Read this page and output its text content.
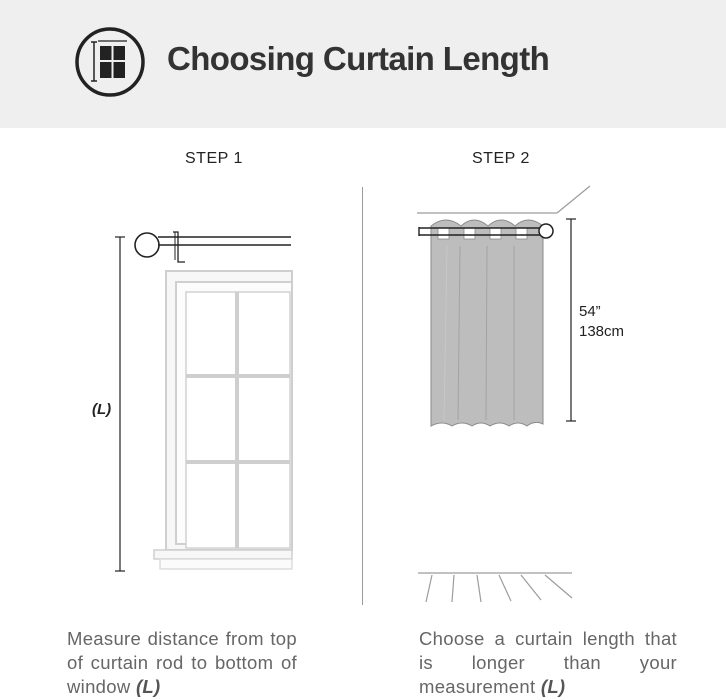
Choosing Curtain Length
STEP 1	STEP 2
(L)
54”
138cm
Measure distance from top of curtain rod to bottom of window (L)
Choose a curtain length that is longer than your measurement (L)
